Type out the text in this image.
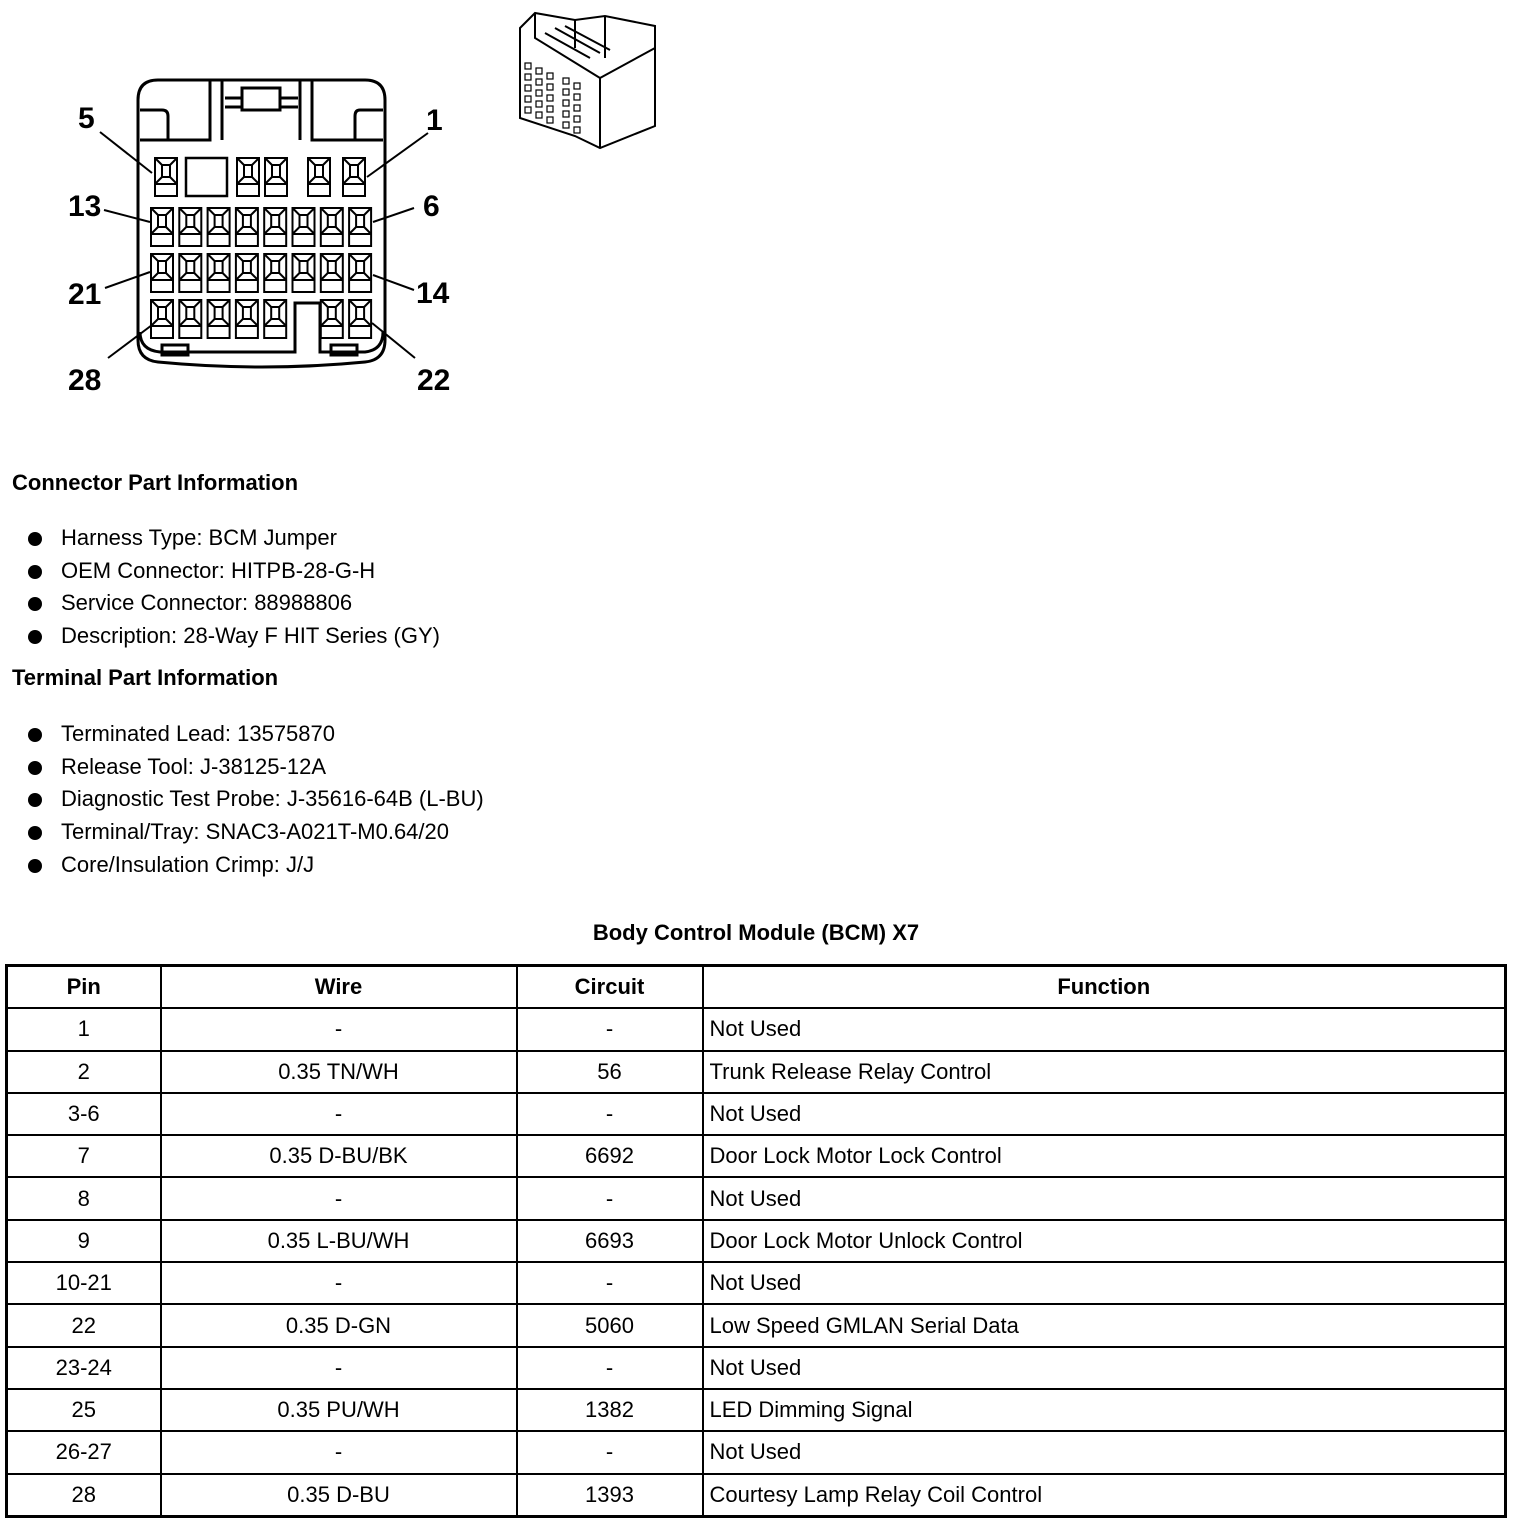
5	1
13	6
21	14
28	22
Connector Part Information
Harness Type: BCM Jumper
OEM Connector: HITPB-28-G-H
Service Connector: 88988806
Description: 28-Way F HIT Series (GY)
Terminal Part Information
Terminated Lead: 13575870
Release Tool: J-38125-12A
Diagnostic Test Probe: J-35616-64B (L-BU)
Terminal/Tray: SNAC3-A021T-M0.64/20
Core/Insulation Crimp: J/J
Body Control Module (BCM) X7
Pin	Wire	Circuit	Function
1	-	-	Not Used
2	0.35 TN/WH	56	Trunk Release Relay Control
3-6	-	-	Not Used
7	0.35 D-BU/BK	6692	Door Lock Motor Lock Control
8	-	-	Not Used
9	0.35 L-BU/WH	6693	Door Lock Motor Unlock Control
10-21	-	-	Not Used
22	0.35 D-GN	5060	Low Speed GMLAN Serial Data
23-24	-	-	Not Used
25	0.35 PU/WH	1382	LED Dimming Signal
26-27	-	-	Not Used
28	0.35 D-BU	1393	Courtesy Lamp Relay Coil Control
